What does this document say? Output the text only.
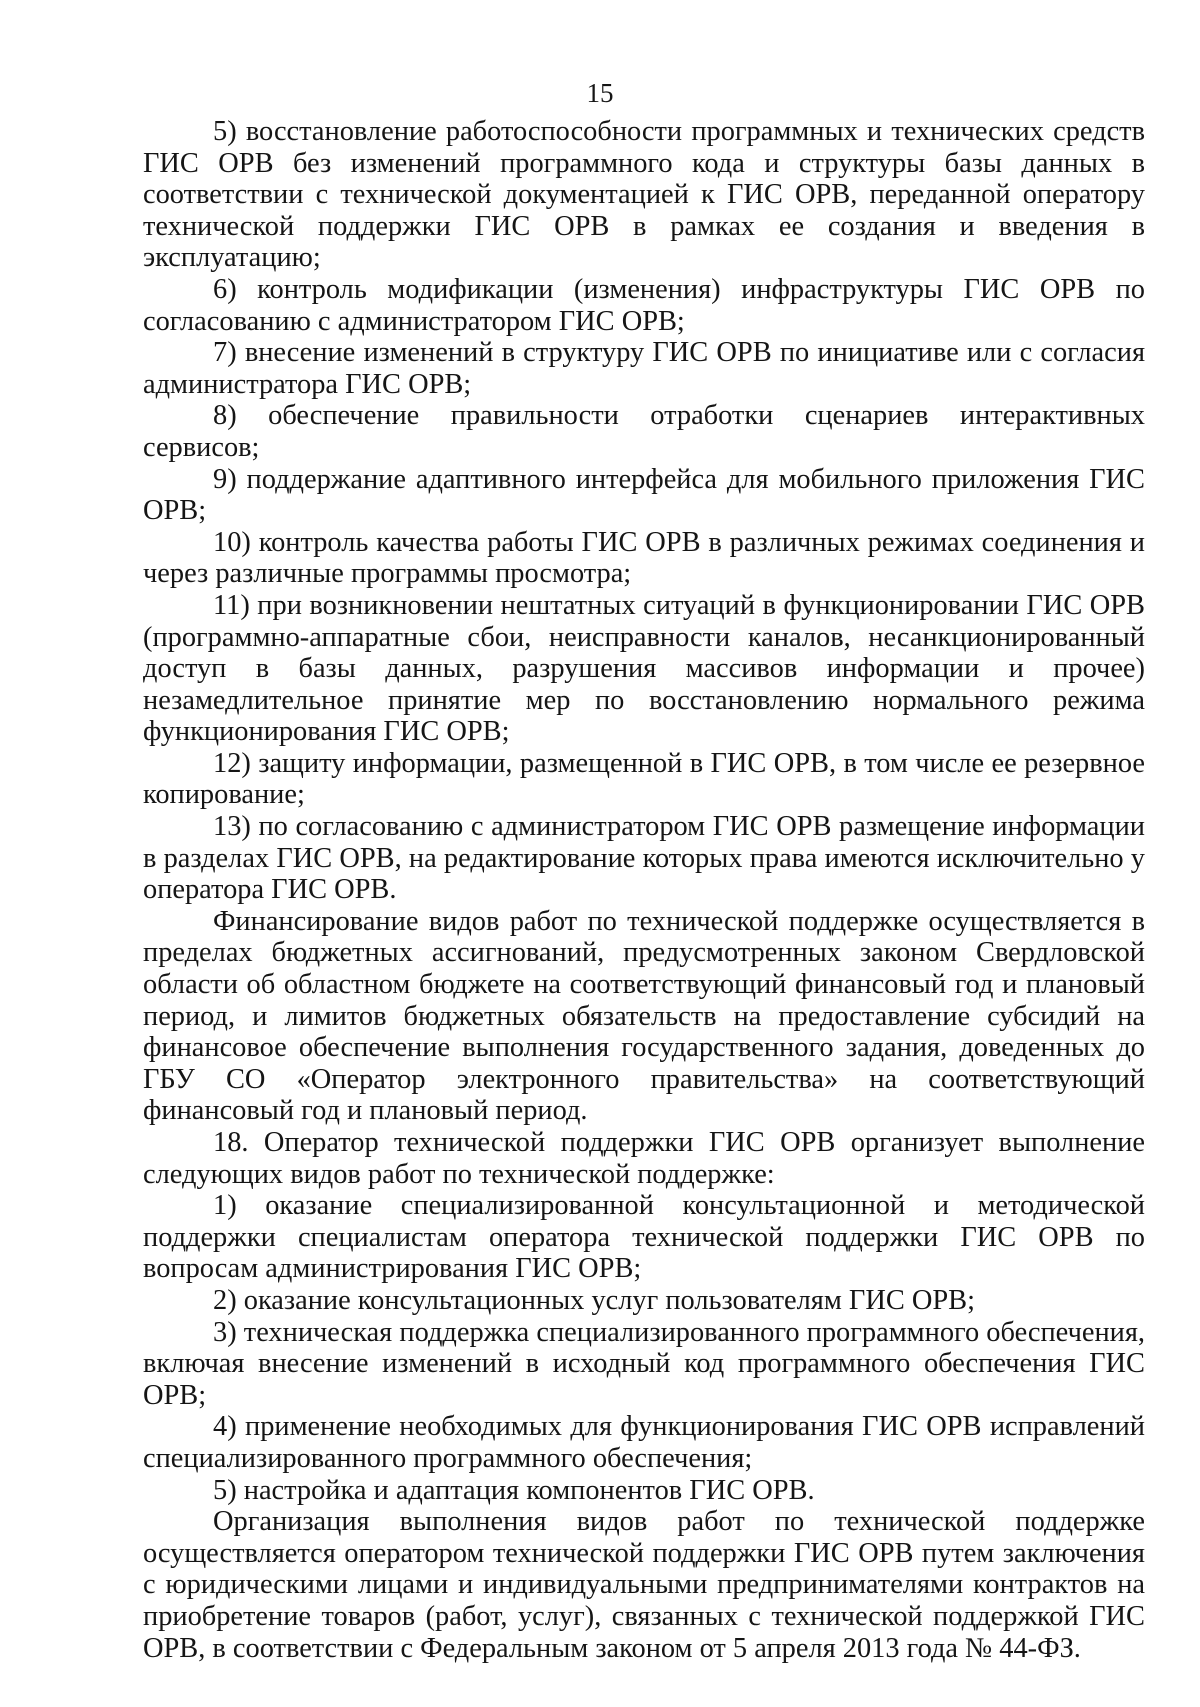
15

5) восстановление работоспособности программных и технических средств ГИС ОРВ без изменений программного кода и структуры базы данных в соответствии с технической документацией к ГИС ОРВ, переданной оператору технической поддержки ГИС ОРВ в рамках ее создания и введения в эксплуатацию;

6) контроль модификации (изменения) инфраструктуры ГИС ОРВ по согласованию с администратором ГИС ОРВ;

7) внесение изменений в структуру ГИС ОРВ по инициативе или с согласия администратора ГИС ОРВ;

8) обеспечение правильности отработки сценариев интерактивных сервисов;

9) поддержание адаптивного интерфейса для мобильного приложения ГИС ОРВ;

10) контроль качества работы ГИС ОРВ в различных режимах соединения и через различные программы просмотра;

11) при возникновении нештатных ситуаций в функционировании ГИС ОРВ (программно-аппаратные сбои, неисправности каналов, несанкционированный доступ в базы данных, разрушения массивов информации и прочее) незамедлительное принятие мер по восстановлению нормального режима функционирования ГИС ОРВ;

12) защиту информации, размещенной в ГИС ОРВ, в том числе ее резервное копирование;

13) по согласованию с администратором ГИС ОРВ размещение информации в разделах ГИС ОРВ, на редактирование которых права имеются исключительно у оператора ГИС ОРВ.

Финансирование видов работ по технической поддержке осуществляется в пределах бюджетных ассигнований, предусмотренных законом Свердловской области об областном бюджете на соответствующий финансовый год и плановый период, и лимитов бюджетных обязательств на предоставление субсидий на финансовое обеспечение выполнения государственного задания, доведенных до ГБУ СО «Оператор электронного правительства» на соответствующий финансовый год и плановый период.

18. Оператор технической поддержки ГИС ОРВ организует выполнение следующих видов работ по технической поддержке:

1) оказание специализированной консультационной и методической поддержки специалистам оператора технической поддержки ГИС ОРВ по вопросам администрирования ГИС ОРВ;

2) оказание консультационных услуг пользователям ГИС ОРВ;

3) техническая поддержка специализированного программного обеспечения, включая внесение изменений в исходный код программного обеспечения ГИС ОРВ;

4) применение необходимых для функционирования ГИС ОРВ исправлений специализированного программного обеспечения;

5) настройка и адаптация компонентов ГИС ОРВ.

Организация выполнения видов работ по технической поддержке осуществляется оператором технической поддержки ГИС ОРВ путем заключения с юридическими лицами и индивидуальными предпринимателями контрактов на приобретение товаров (работ, услуг), связанных с технической поддержкой ГИС ОРВ, в соответствии с Федеральным законом от 5 апреля 2013 года № 44-ФЗ.
